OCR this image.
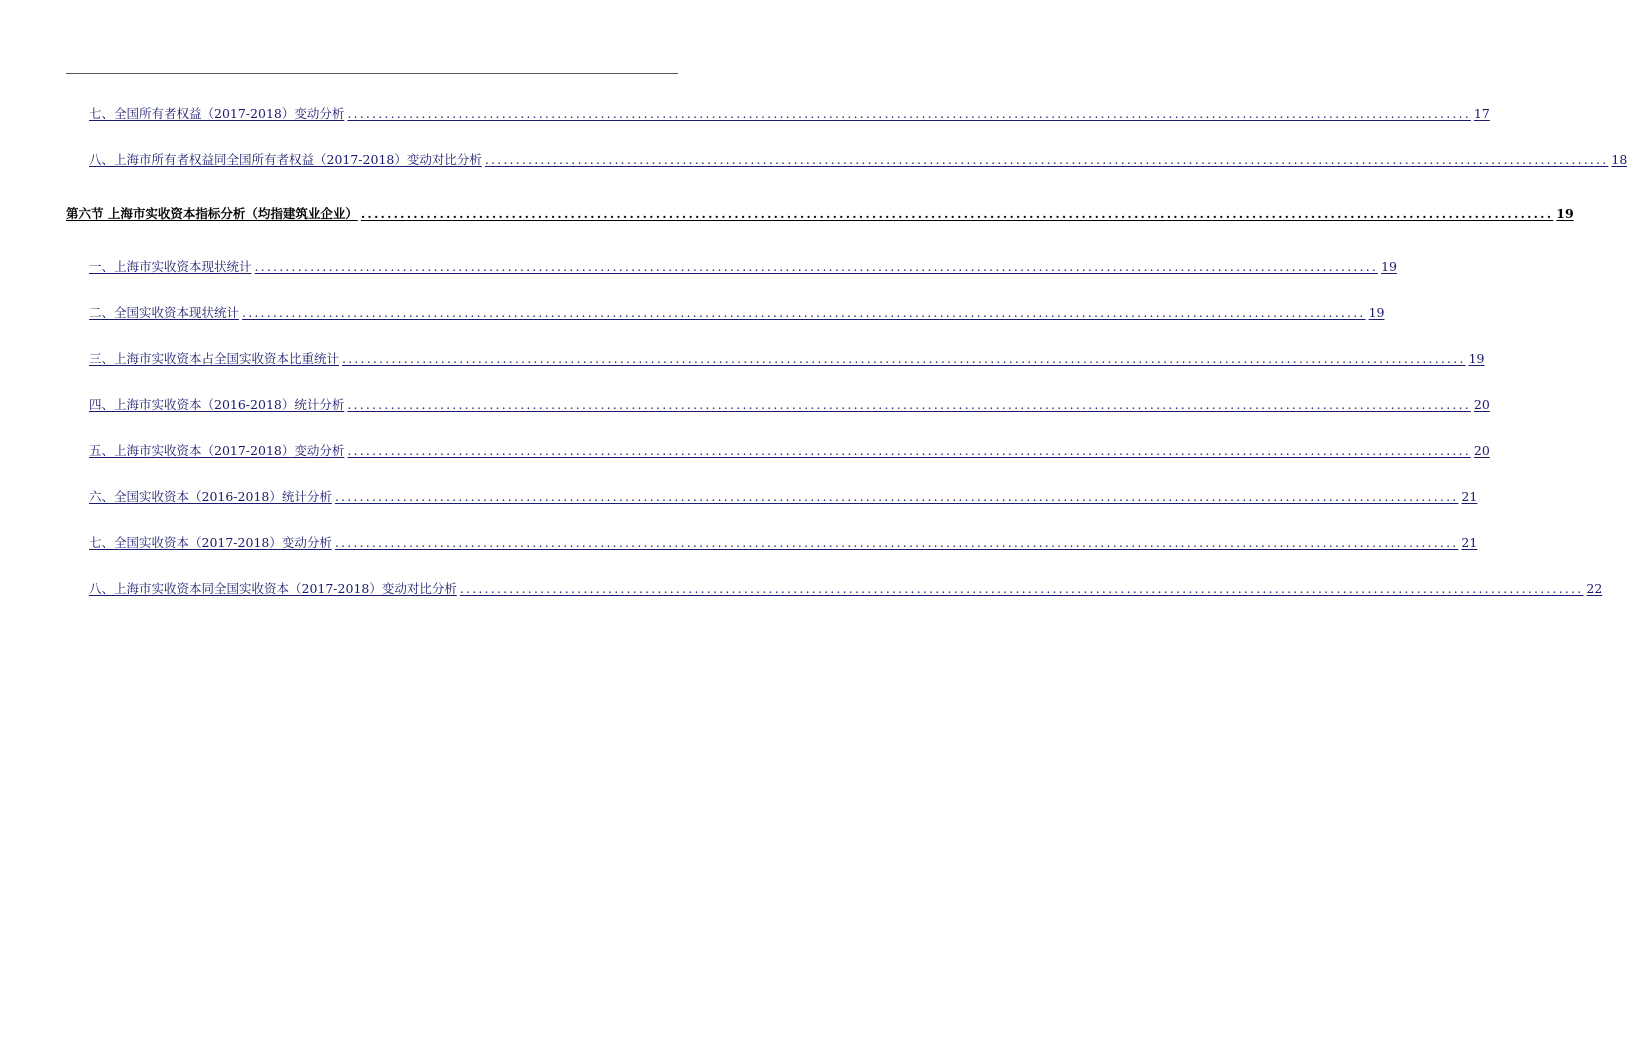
七、全国所有者权益（2017-2018）变动分析 ...................................................................................................................................................................................... 17
八、上海市所有者权益同全国所有者权益（2017-2018）变动对比分析 ...................................................................................................................................................................................... 18
第六节 上海市实收资本指标分析（均指建筑业企业） ...................................................................................................................................................................................... 19
一、上海市实收资本现状统计 ...................................................................................................................................................................................... 19
二、全国实收资本现状统计 ...................................................................................................................................................................................... 19
三、上海市实收资本占全国实收资本比重统计 ...................................................................................................................................................................................... 19
四、上海市实收资本（2016-2018）统计分析 ...................................................................................................................................................................................... 20
五、上海市实收资本（2017-2018）变动分析 ...................................................................................................................................................................................... 20
六、全国实收资本（2016-2018）统计分析 ...................................................................................................................................................................................... 21
七、全国实收资本（2017-2018）变动分析 ...................................................................................................................................................................................... 21
八、上海市实收资本同全国实收资本（2017-2018）变动对比分析 ...................................................................................................................................................................................... 22
